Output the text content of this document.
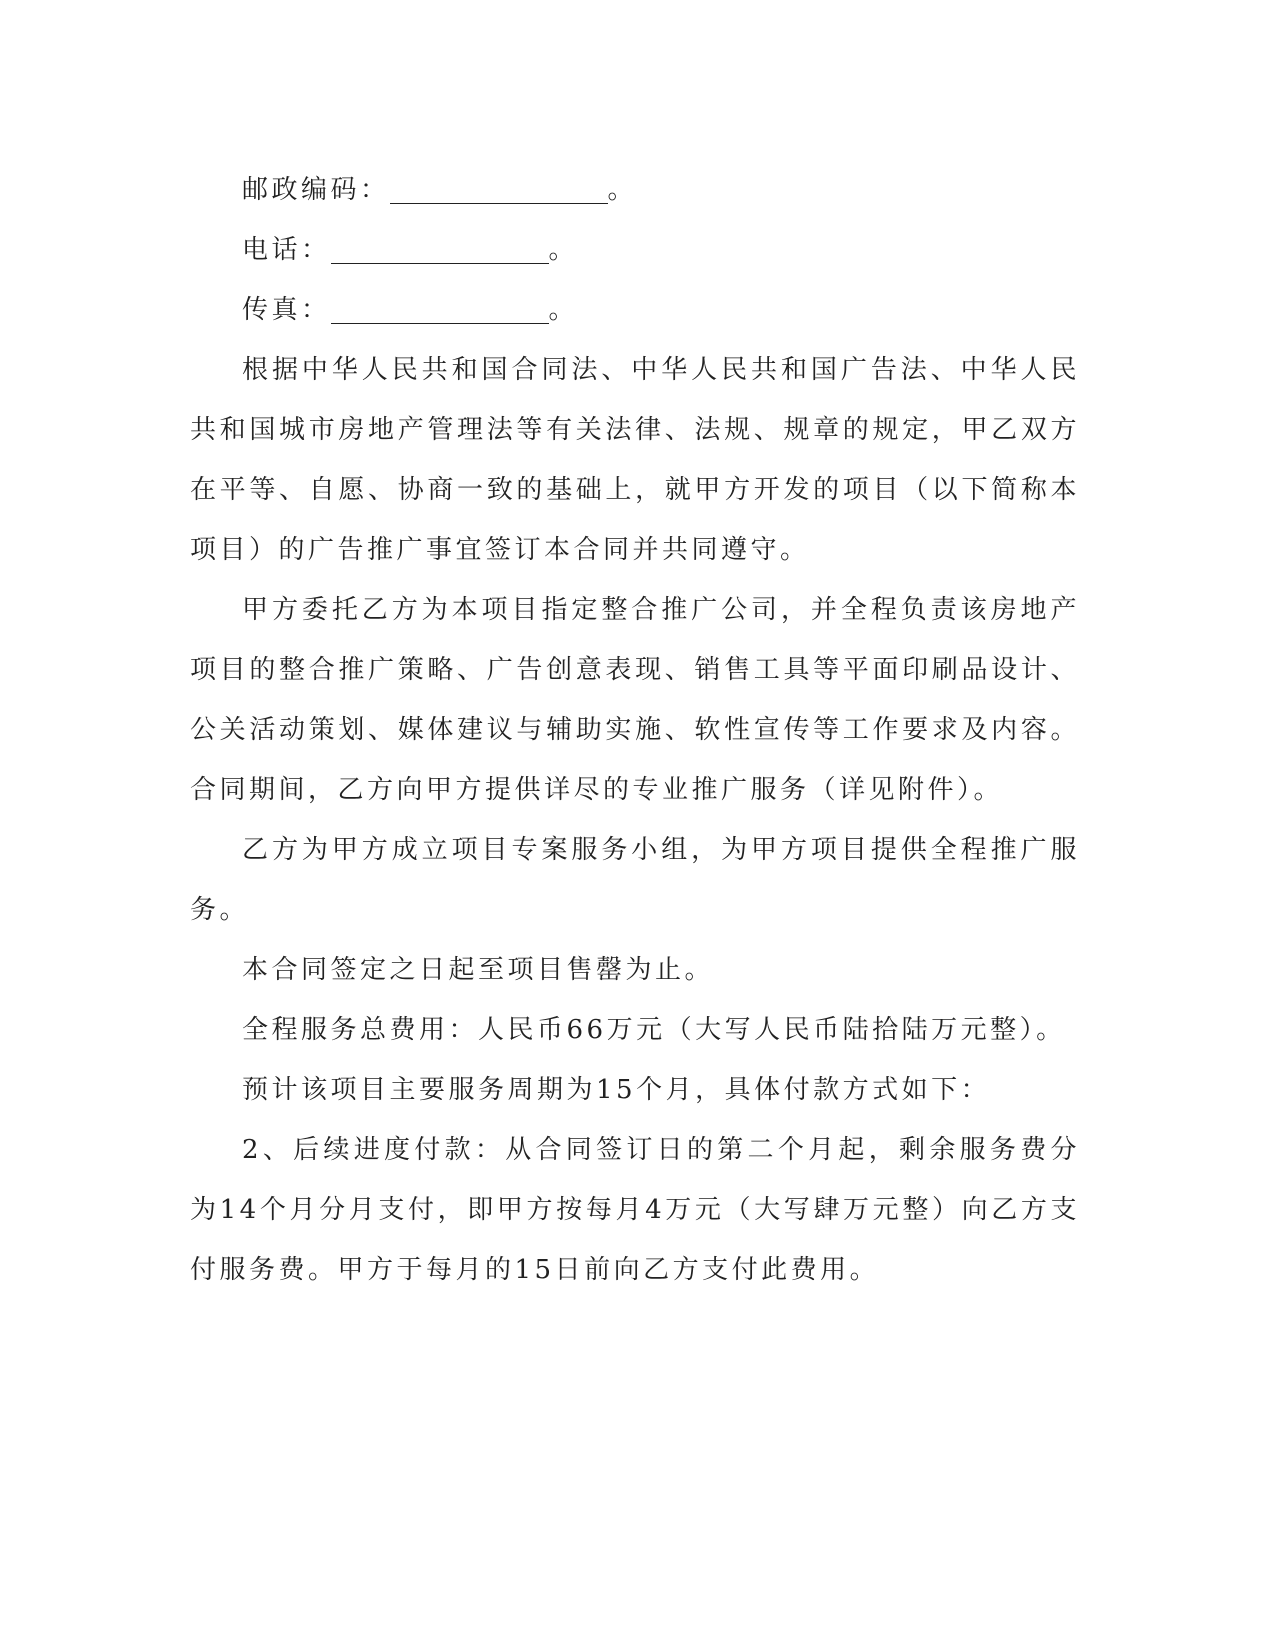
邮政编码：	。

电话：	。

传真：	。

根据中华人民共和国合同法、中华人民共和国广告法、中华人民共和国城市房地产管理法等有关法律、法规、规章的规定，甲乙双方在平等、自愿、协商一致的基础上，就甲方开发的项目（以下简称本项目）的广告推广事宜签订本合同并共同遵守。

甲方委托乙方为本项目指定整合推广公司，并全程负责该房地产项目的整合推广策略、广告创意表现、销售工具等平面印刷品设计、公关活动策划、媒体建议与辅助实施、软性宣传等工作要求及内容。合同期间，乙方向甲方提供详尽的专业推广服务（详见附件）。

乙方为甲方成立项目专案服务小组，为甲方项目提供全程推广服务。

本合同签定之日起至项目售罄为止。

全程服务总费用：人民币66万元（大写人民币陆拾陆万元整）。

预计该项目主要服务周期为15个月，具体付款方式如下：

2、后续进度付款：从合同签订日的第二个月起，剩余服务费分为14个月分月支付，即甲方按每月4万元（大写肆万元整）向乙方支付服务费。甲方于每月的15日前向乙方支付此费用。
